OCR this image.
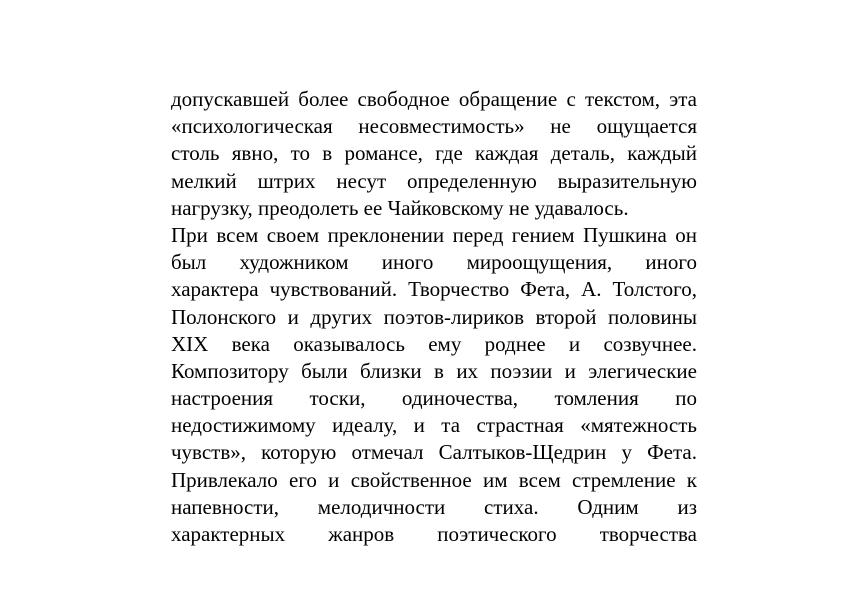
допускавшей более свободное обращение с текстом, эта
«психологическая несовместимость» не ощущается
столь явно, то в романсе, где каждая деталь, каждый
мелкий штрих несут определенную выразительную
нагрузку, преодолеть ее Чайковскому не удавалось.
При всем своем преклонении перед гением Пушкина он
был художником иного мироощущения, иного
характера чувствований. Творчество Фета, А. Толстого,
Полонского и других поэтов-лириков второй половины
XIX века оказывалось ему роднее и созвучнее.
Композитору были близки в их поэзии и элегические
настроения тоски, одиночества, томления по
недостижимому идеалу, и та страстная «мятежность
чувств», которую отмечал Салтыков-Щедрин у Фета.
Привлекало его и свойственное им всем стремление к
напевности, мелодичности стиха. Одним из
характерных жанров поэтического творчества
